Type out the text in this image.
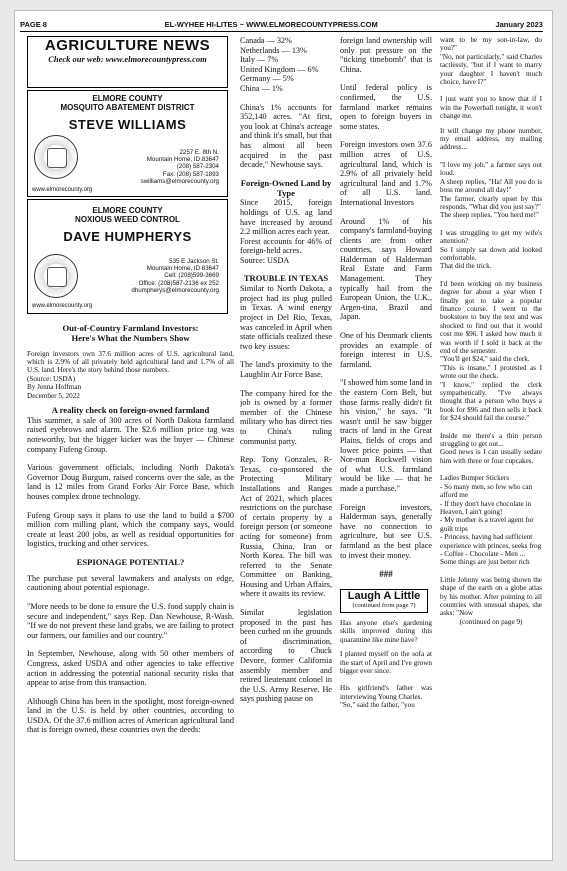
PAGE 8	EL-WYHEE HI-LITES ~ WWW.ELMORECOUNTYPRESS.COM	January 2023
AGRICULTURE NEWS
Check our web: www.elmorecountypress.com
ELMORE COUNTY
MOSQUITO ABATEMENT DISTRICT
STEVE WILLIAMS
2257 E. 8th N.
Mountain Home, ID 83647
(208) 587-2304
Fax: (208) 587-1893
swilliams@elmorecounty.org
www.elmorecounty.org
ELMORE COUNTY
NOXIOUS WEED CONTROL
DAVE HUMPHERYS
535 E Jackson St.
Mountain Home, ID 83647
Cell: (208)599-3669
Office: (208)587-2136 ex 252
dhumpherys@elmorecounty.org
www.elmorecounty.org
Out-of-Country Farmland Investors:
Here's What the Numbers Show

Foreign investors own 37.6 million acres of U.S. agricultural land, which is 2.9% of all privately held agricultural land and 1.7% of all U.S. land. Here's the story behind those numbers.

(Source: USDA)
By Jenna Hoffman
December 5, 2022
A reality check on foreign-owned farmland

This summer, a sale of 300 acres of North Dakota farmland raised eyebrows and alarm. The $2.6 million price tag was noteworthy, but the bigger kicker was the buyer — Chinese company Fufeng Group.

Various government officials, including North Dakota's Governor Doug Burgum, raised concerns over the sale, as the land is 12 miles from Grand Forks Air Force Base, which houses complex drone technology.

Fufeng Group says it plans to use the land to build a $700 million corn milling plant, which the company says, would create at least 200 jobs, as well as residual opportunities for logistics, trucking and other services.

ESPIONAGE POTENTIAL?

The purchase put several lawmakers and analysts on edge, cautioning about potential espionage.

"More needs to be done to ensure the U.S. food supply chain is secure and independent," says Rep. Dan Newhouse, R-Wash. "If we do not prevent these land grabs, we are failing to protect our farmers, our families and our country."

In September, Newhouse, along with 50 other members of Congress, asked USDA and other agencies to take effective action in addressing the potential national security risks that appear to arise from this transaction.

Although China has been in the spotlight, most foreign-owned land in the U.S. is held by other countries, according to USDA. Of the 37.6 million acres of American agricultural land that is foreign owned, these countries own the deeds:

Canada — 32%
Netherlands — 13%
Italy — 7%
United Kingdom — 6%
Germany — 5%
China — 1%

China's 1% accounts for 352,140 acres. "At first, you look at China's acreage and think it's small, but that has almost all been acquired in the past decade," Newhouse says.

Foreign-Owned Land by Type

Since 2015, foreign holdings of U.S. ag land have increased by around 2.2 million acres each year.

Forest accounts for 46% of foreign-held acres.

Source: USDA
TROUBLE IN TEXAS

Similar to North Dakota, a project had its plug pulled in Texas. A wind energy project in Del Rio, Texas, was canceled in April when state officials realized these two key issues:

The land's proximity to the Laughlin Air Force Base.

The company hired for the job is owned by a former member of the Chinese military who has direct ties to China's ruling communist party.

Rep. Tony Gonzales, R-Texas, co-sponsored the Protecting Military Installations and Ranges Act of 2021, which places restrictions on the purchase of certain property by a foreign person (or someone acting for someone) from Russia, China, Iran or North Korea. The bill was referred to the Senate Committee on Banking, Housing and Urban Affairs, where it awaits its review.

Similar legislation proposed in the past has been curbed on the grounds of discrimination, according to Chuck Devore, former California assembly member and retired lieutenant colonel in the U.S. Army Reserve. He says pushing pause on

foreign land ownership will only put pressure on the "ticking timebomb" that is China.

Until federal policy is confirmed, the U.S. farmland market remains open to foreign buyers in some states.

Foreign investors own 37.6 million acres of U.S. agricultural land, which is 2.9% of all privately held agricultural land and 1.7% of all U.S. land. International Investors

Around 1% of his company's farmland-buying clients are from other countries, says Howard Halderman of Halderman Real Estate and Farm Management. They typically hail from the European Union, the U.K., Argen-tina, Brazil and Japan.

One of his Denmark clients provides an example of foreign interest in U.S. farmland.

"I showed him some land in the eastern Corn Belt, but those farms really didn't fit his vision," he says. "It wasn't until he saw bigger tracts of land in the Great Plains, fields of crops and lower price points — that Nor-man Rockwell vision of what U.S. farmland would be like — that he made a purchase."

Foreign investors, Halderman says, generally have no connection to agriculture, but see U.S. farmland as the best place to invest their money.

###
Laugh A Little
(continued from page 7)

Has anyone else's gardening skills improved during this quarantine like mine have?

I planted myself on the sofa at the start of April and I've grown bigger ever since.

His girlfriend's father was interviewing Young Charles.

"So," said the father, "you

want to be my son-in-law, do you?"

"No, not particularly," said Charles tactlessly, "but if I want to marry your daughter I haven't much choice, have I?"

I just want you to know that if I win the Powerball tonight, it won't change me.

It will change my phone number, my email address, my mailing address...

"I love my job," a farmer says out loud.

A sheep replies, "Ha! All you do is boss me around all day!"

The farmer, clearly upset by this responds, "What did you just say?"

The sheep replies, "You herd me!"

I was struggling to get my wife's attention?

So I simply sat down and looked comfortable.

That did the trick.

I'd been working on my business degree for about a year when I finally got to take a popular finance course. I went to the bookstore to buy the text and was shocked to find out that it would cost me $96. I asked how much it was worth if I sold it back at the end of the semester.

"You'll get $24," said the clerk.

"This is insane," I protested as I wrote out the check.

"I know," replied the clerk sympathetically. "I've always thought that a person who buys a book for $96 and then sells it back for $24 should fail the course."

Inside me there's a thin person struggling to get out...

Good news is I can usually sedate him with three or four cupcakes.

Ladies Bumper Stickers

- So many men, so few who can afford me
- If they don't have chocolate in Heaven, I ain't going!
- My mother is a travel agent for guilt trips
- Princess, having had sufficient experience with princes, seeks frog
- Coffee - Chocolate - Men ... Some things are just better rich

Little Johnny was being shown the shape of the earth on a globe atlas by his mother. After pointing to all countries with unusual shapes, she asks: "Now

(continued on page 9)
